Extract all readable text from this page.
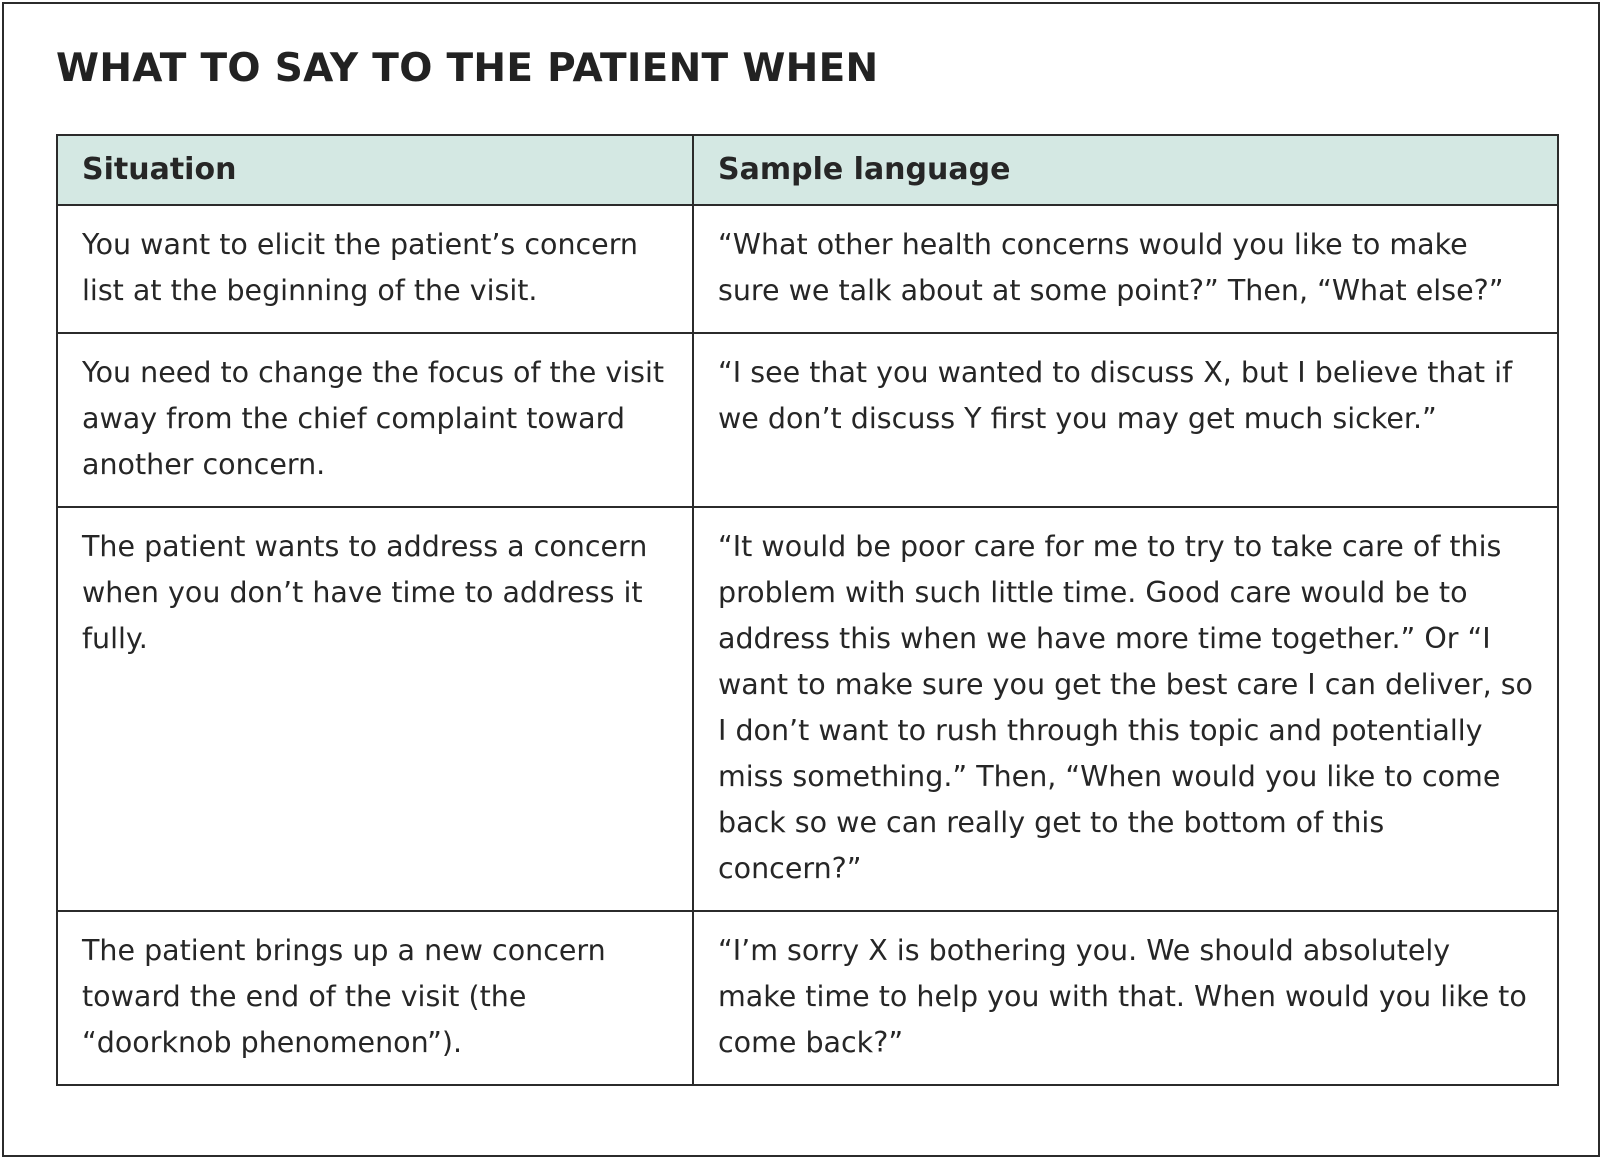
WHAT TO SAY TO THE PATIENT WHEN
Situation	Sample language
You want to elicit the patient’s concern list at the beginning of the visit.	“What other health concerns would you like to make sure we talk about at some point?” Then, “What else?”
You need to change the focus of the visit away from the chief complaint toward another concern.	“I see that you wanted to discuss X, but I believe that if we don’t discuss Y first you may get much sicker.”
The patient wants to address a concern when you don’t have time to address it fully.	“It would be poor care for me to try to take care of this problem with such little time. Good care would be to address this when we have more time together.” Or “I want to make sure you get the best care I can deliver, so I don’t want to rush through this topic and potentially miss something.” Then, “When would you like to come back so we can really get to the bottom of this concern?”
The patient brings up a new concern toward the end of the visit (the “doorknob phenomenon”).	“I’m sorry X is bothering you. We should absolutely make time to help you with that. When would you like to come back?”
